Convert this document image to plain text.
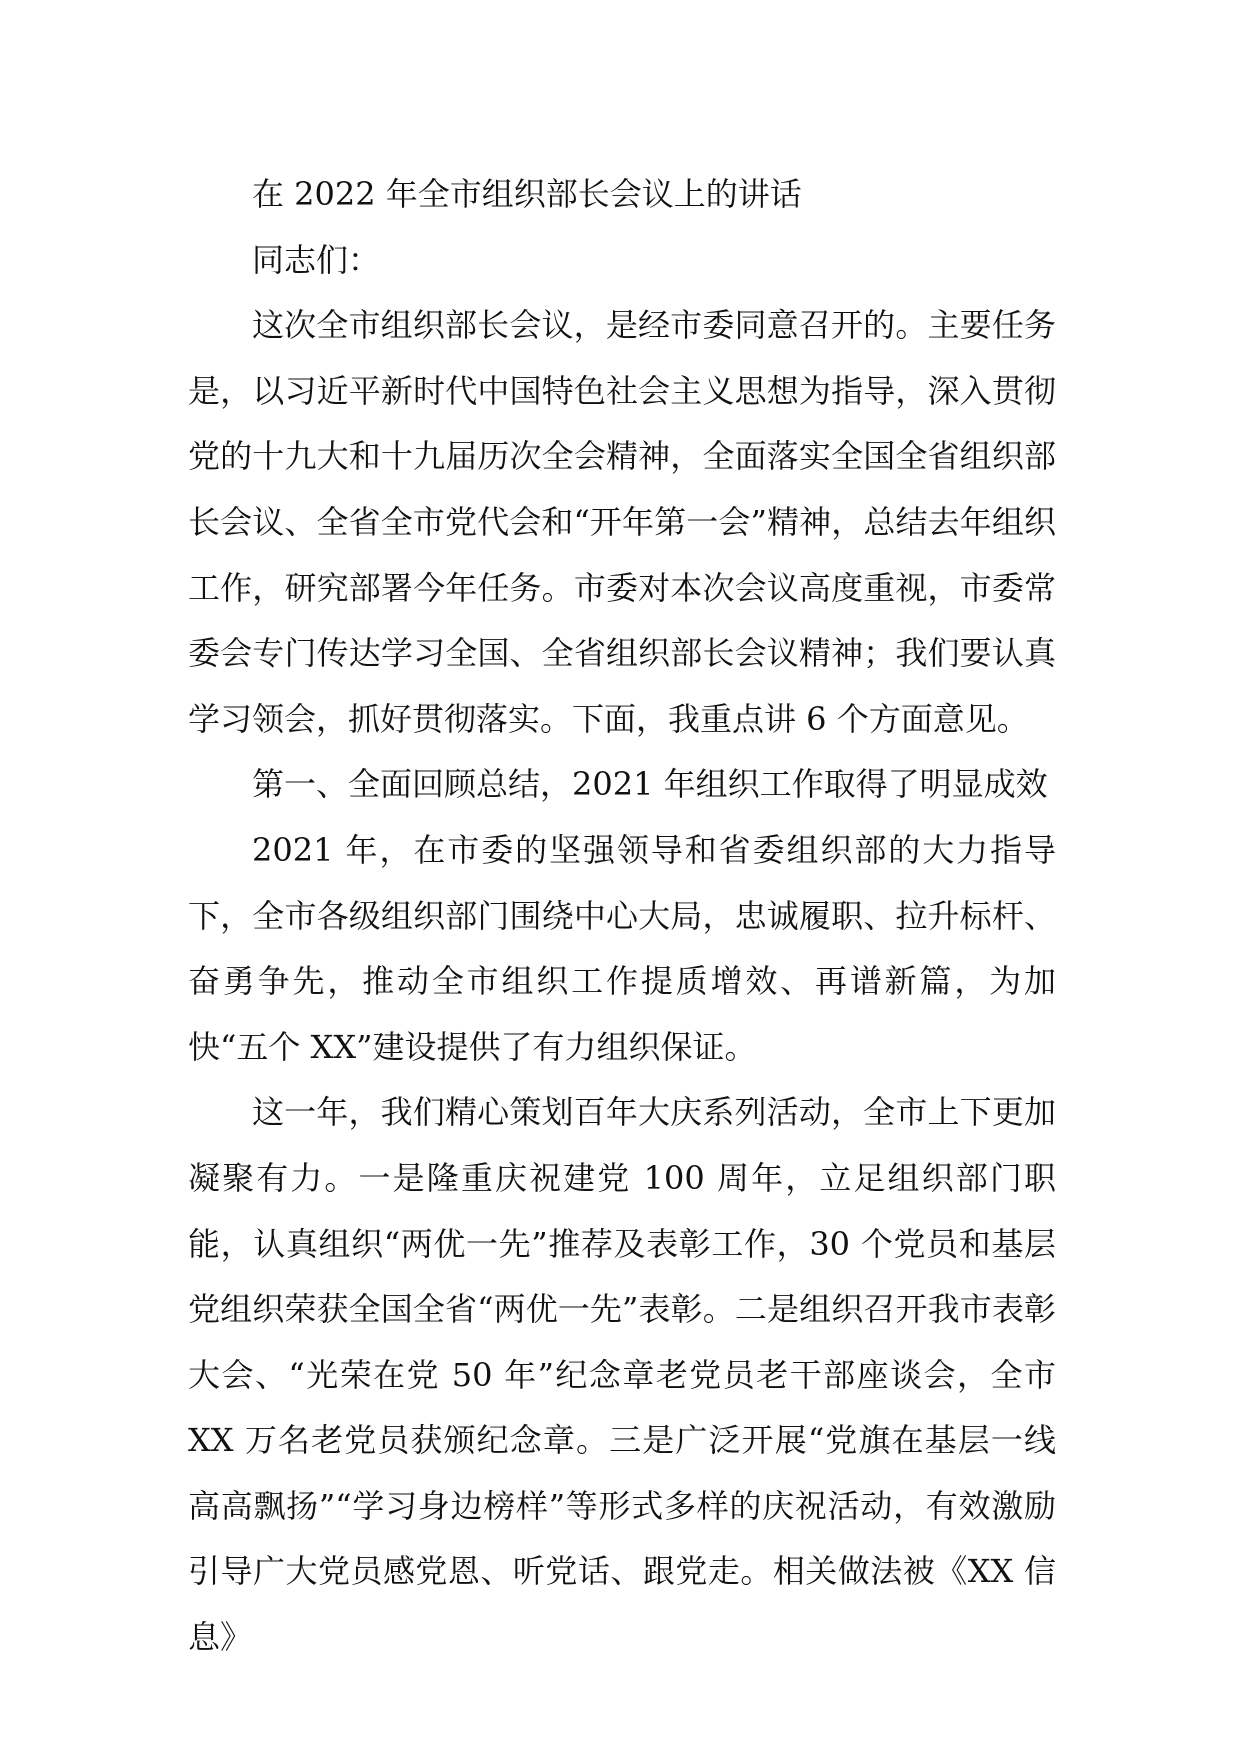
在 2022 年全市组织部长会议上的讲话

同志们：

这次全市组织部长会议，是经市委同意召开的。主要任务是，以习近平新时代中国特色社会主义思想为指导，深入贯彻党的十九大和十九届历次全会精神，全面落实全国全省组织部长会议、全省全市党代会和“开年第一会”精神，总结去年组织工作，研究部署今年任务。市委对本次会议高度重视，市委常委会专门传达学习全国、全省组织部长会议精神；我们要认真学习领会，抓好贯彻落实。下面，我重点讲 6 个方面意见。

第一、全面回顾总结，2021 年组织工作取得了明显成效

2021 年，在市委的坚强领导和省委组织部的大力指导下，全市各级组织部门围绕中心大局，忠诚履职、拉升标杆、奋勇争先，推动全市组织工作提质增效、再谱新篇，为加快“五个 XX”建设提供了有力组织保证。

这一年，我们精心策划百年大庆系列活动，全市上下更加凝聚有力。一是隆重庆祝建党 100 周年，立足组织部门职能，认真组织“两优一先”推荐及表彰工作，30 个党员和基层党组织荣获全国全省“两优一先”表彰。二是组织召开我市表彰大会、“光荣在党 50 年”纪念章老党员老干部座谈会，全市 XX 万名老党员获颁纪念章。三是广泛开展“党旗在基层一线高高飘扬”“学习身边榜样”等形式多样的庆祝活动，有效激励引导广大党员感党恩、听党话、跟党走。相关做法被《XX 信息》
